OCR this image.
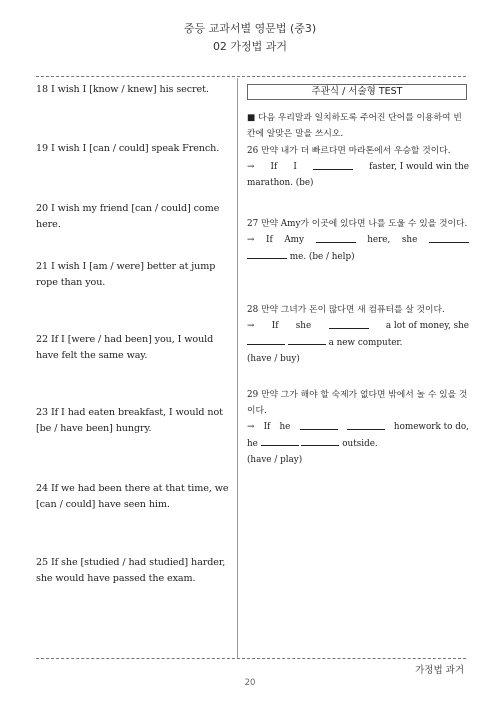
중등 교과서별 영문법 (중3)
02 가정법 과거
18 I wish I [know / knew] his secret.
19 I wish I [can / could] speak French.
20 I wish my friend [can / could] come here.
21 I wish I [am / were] better at jump rope than you.
22 If I [were / had been] you, I would have felt the same way.
23 If I had eaten breakfast, I would not [be / have been] hungry.
24 If we had been there at that time, we [can / could] have seen him.
25 If she [studied / had studied] harder, she would have passed the exam.
주관식 / 서술형 TEST
■ 다음 우리말과 일치하도록 주어진 단어를 이용하여 빈칸에 알맞은 말을 쓰시오.
26 만약 내가 더 빠르다면 마라톤에서 우승할 것이다.
→ If I	faster, I would win the
marathon. (be)
27 만약 Amy가 이곳에 있다면 나를 도울 수 있을 것이다.
→ If Amy	here, she
me. (be / help)
28 만약 그녀가 돈이 많다면 새 컴퓨터를 살 것이다.
→ If she	a lot of money, she
a new computer.
(have / buy)
29 만약 그가 해야 할 숙제가 없다면 밖에서 놀 수 있을 것이다.
→ If he	homework to do,
he	outside.
(have / play)
가정법 과거
20
